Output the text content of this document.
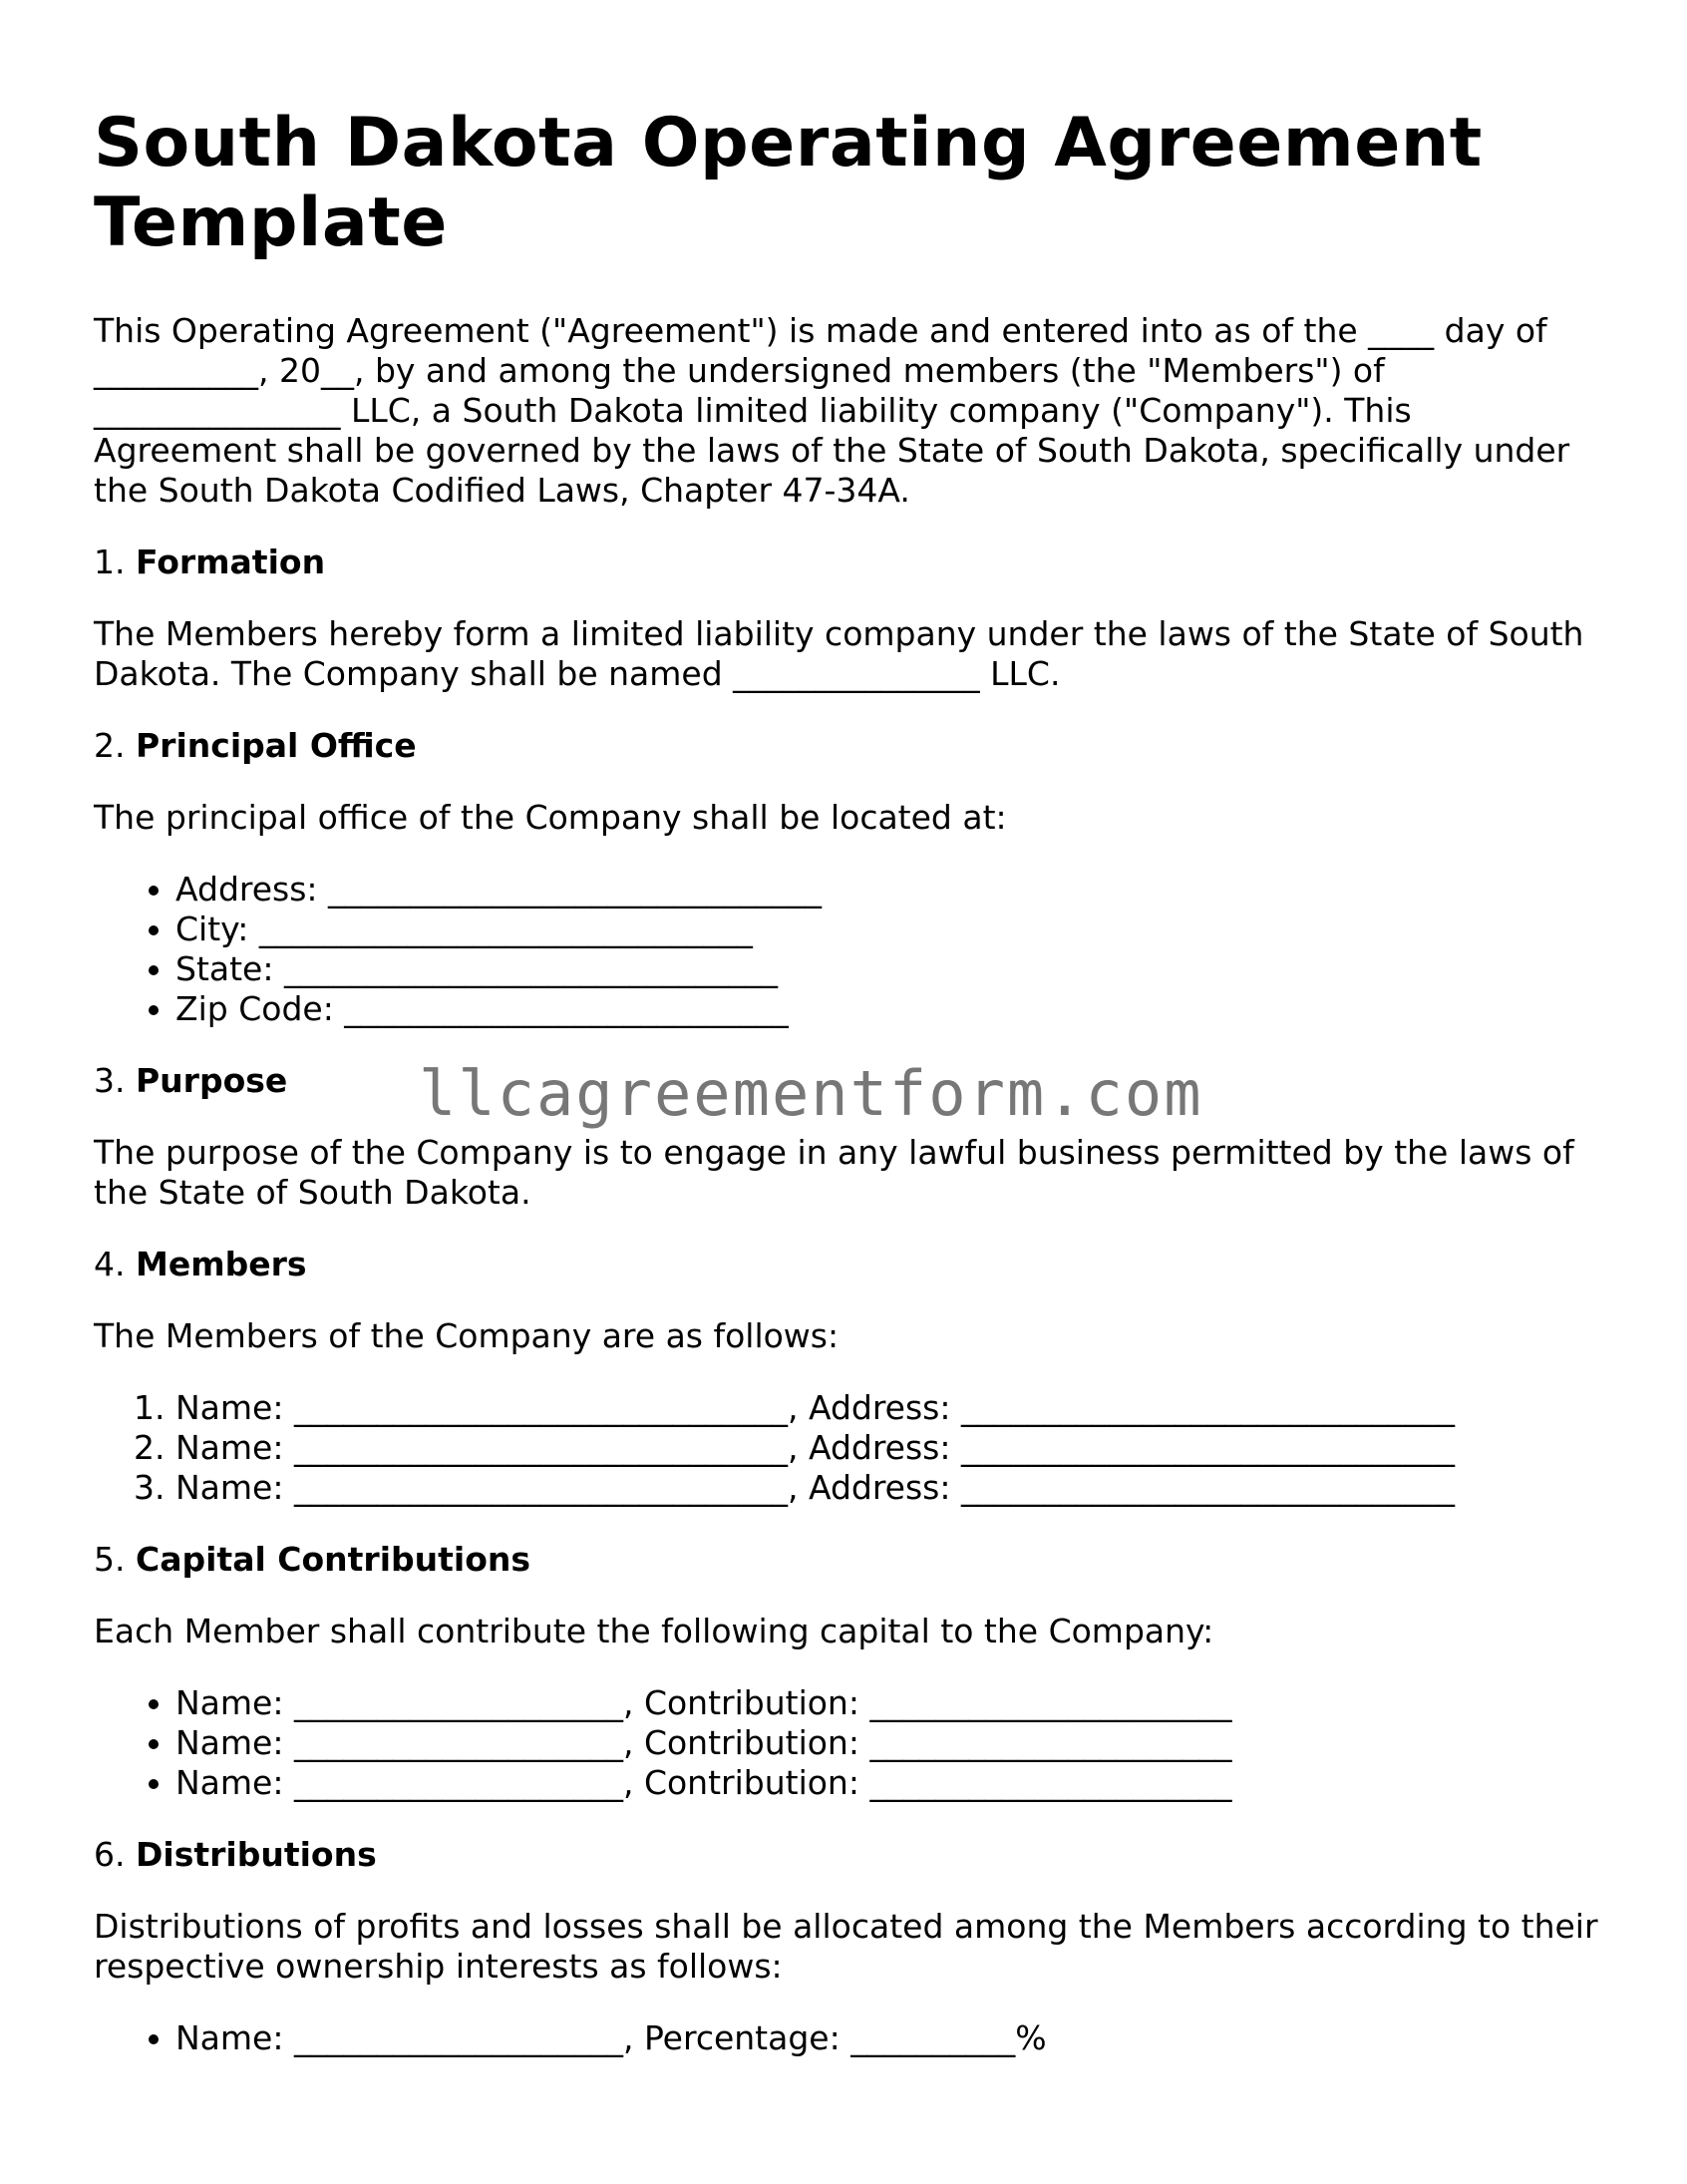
South Dakota Operating Agreement Template

This Operating Agreement ("Agreement") is made and entered into as of the ____ day of __________, 20__, by and among the undersigned members (the "Members") of _______________ LLC, a South Dakota limited liability company ("Company"). This Agreement shall be governed by the laws of the State of South Dakota, specifically under the South Dakota Codified Laws, Chapter 47-34A.

1. Formation

The Members hereby form a limited liability company under the laws of the State of South Dakota. The Company shall be named _______________ LLC.

2. Principal Office

The principal office of the Company shall be located at:

• Address: ______________________________
• City: ______________________________
• State: ______________________________
• Zip Code: ___________________________

3. Purpose

The purpose of the Company is to engage in any lawful business permitted by the laws of the State of South Dakota.

4. Members

The Members of the Company are as follows:

1. Name: ______________________________, Address: ______________________________
2. Name: ______________________________, Address: ______________________________
3. Name: ______________________________, Address: ______________________________

5. Capital Contributions

Each Member shall contribute the following capital to the Company:

• Name: ____________________, Contribution: ______________________
• Name: ____________________, Contribution: ______________________
• Name: ____________________, Contribution: ______________________

6. Distributions

Distributions of profits and losses shall be allocated among the Members according to their respective ownership interests as follows:

• Name: ____________________, Percentage: __________%
llcagreementform.com
